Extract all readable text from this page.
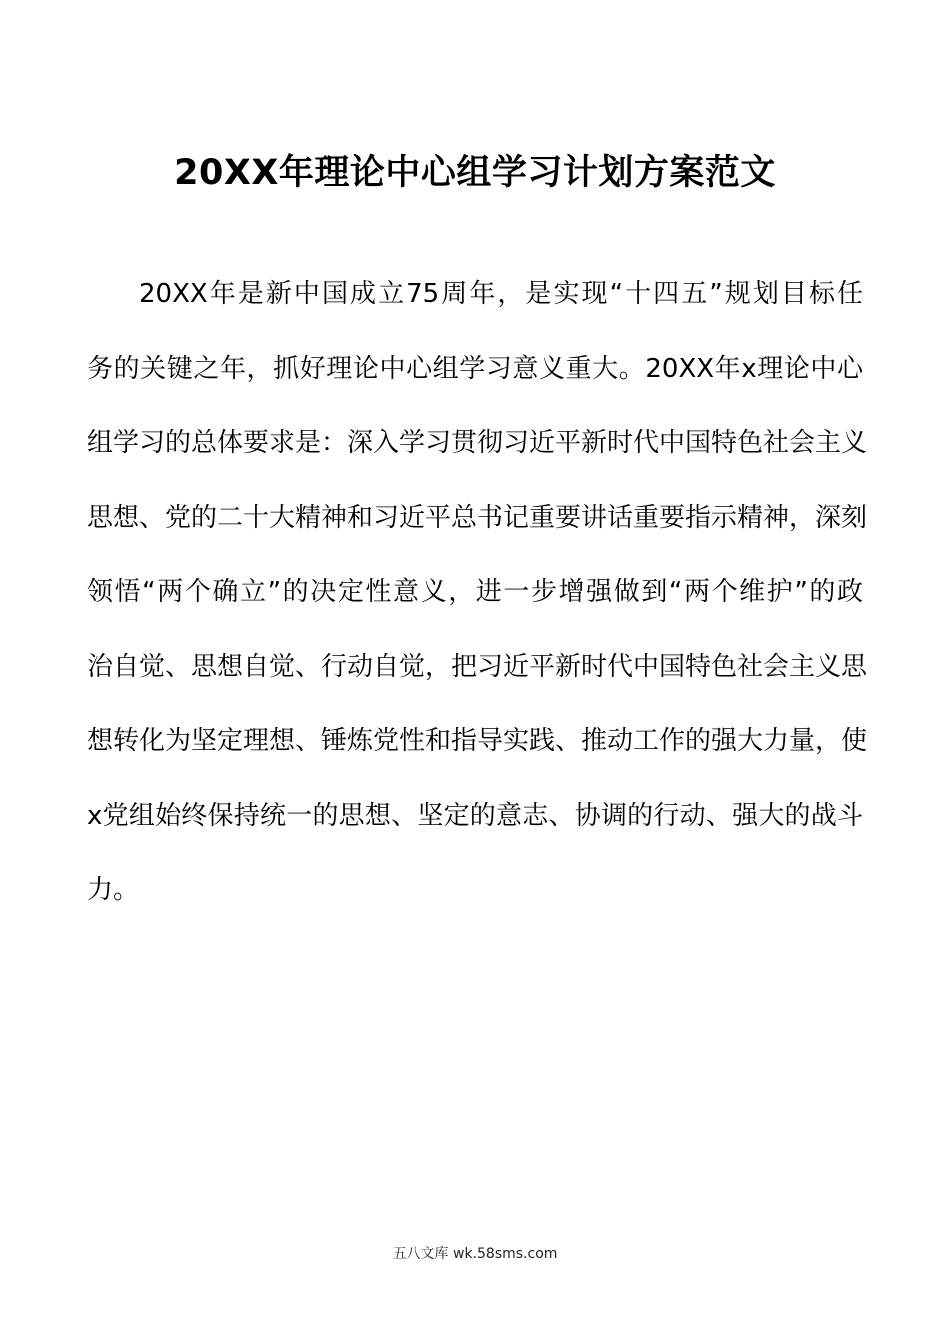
20XX年理论中心组学习计划方案范文
20XX年是新中国成立75周年，是实现“十四五”规划目标任
务的关键之年，抓好理论中心组学习意义重大。20XX年x理论中心
组学习的总体要求是：深入学习贯彻习近平新时代中国特色社会主义
思想、党的二十大精神和习近平总书记重要讲话重要指示精神，深刻
领悟“两个确立”的决定性意义，进一步增强做到“两个维护”的政
治自觉、思想自觉、行动自觉，把习近平新时代中国特色社会主义思
想转化为坚定理想、锤炼党性和指导实践、推动工作的强大力量，使
x党组始终保持统一的思想、坚定的意志、协调的行动、强大的战斗
力。
五八文库 wk.58sms.com
